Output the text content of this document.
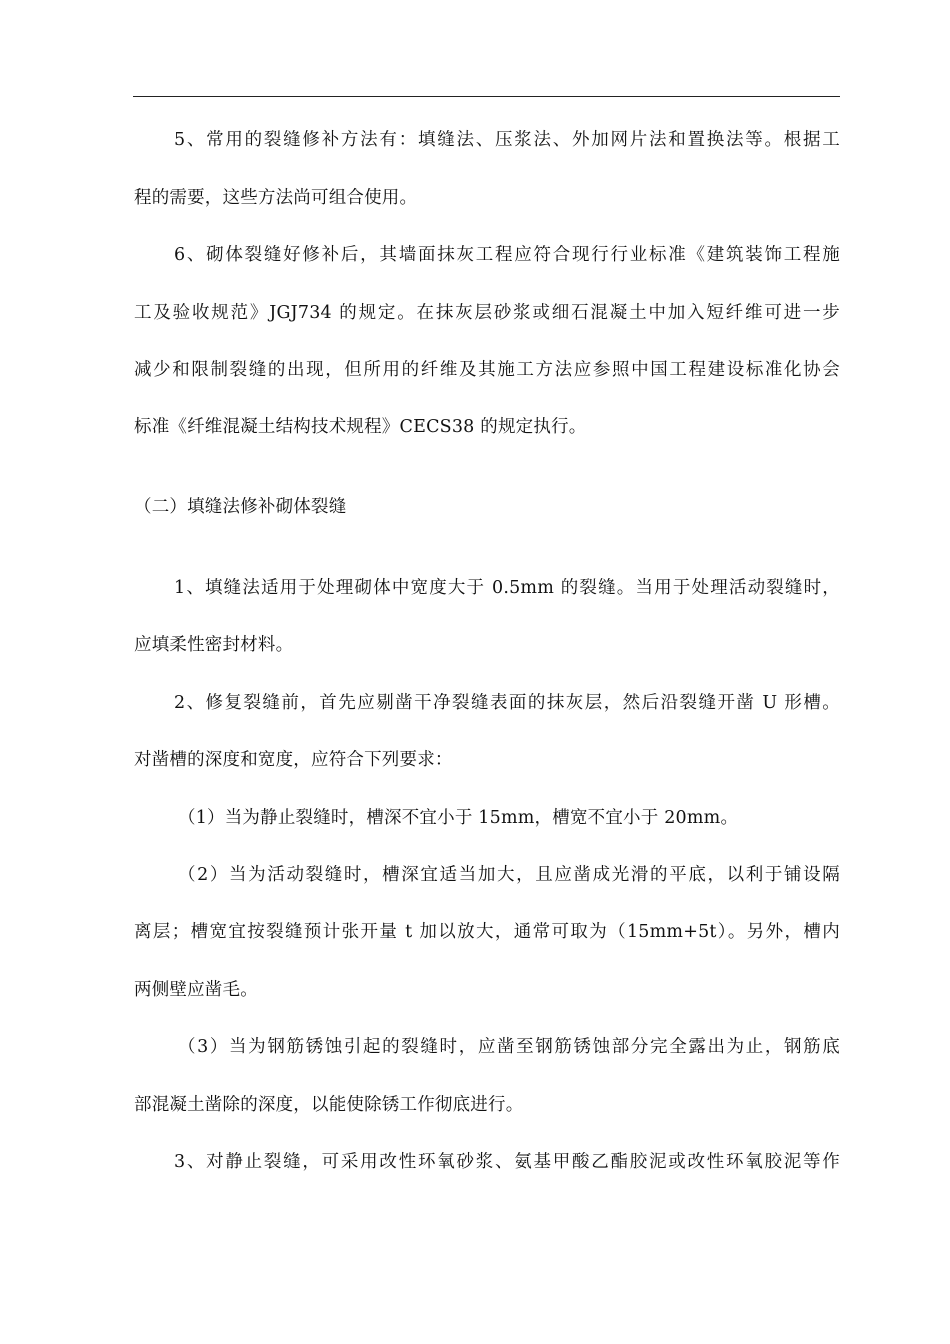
5、常用的裂缝修补方法有：填缝法、压浆法、外加网片法和置换法等。根据工
程的需要，这些方法尚可组合使用。
6、砌体裂缝好修补后，其墙面抹灰工程应符合现行行业标准《建筑装饰工程施
工及验收规范》JGJ734 的规定。在抹灰层砂浆或细石混凝土中加入短纤维可进一步
减少和限制裂缝的出现，但所用的纤维及其施工方法应参照中国工程建设标准化协会
标准《纤维混凝土结构技术规程》CECS38 的规定执行。
（二）填缝法修补砌体裂缝
1、填缝法适用于处理砌体中宽度大于 0.5mm 的裂缝。当用于处理活动裂缝时，
应填柔性密封材料。
2、修复裂缝前，首先应剔凿干净裂缝表面的抹灰层，然后沿裂缝开凿 U 形槽。
对凿槽的深度和宽度，应符合下列要求：
（1）当为静止裂缝时，槽深不宜小于 15mm，槽宽不宜小于 20mm。
（2）当为活动裂缝时，槽深宜适当加大，且应凿成光滑的平底，以利于铺设隔
离层；槽宽宜按裂缝预计张开量 t 加以放大，通常可取为（15mm+5t）。另外，槽内
两侧壁应凿毛。
（3）当为钢筋锈蚀引起的裂缝时，应凿至钢筋锈蚀部分完全露出为止，钢筋底
部混凝土凿除的深度，以能使除锈工作彻底进行。
3、对静止裂缝，可采用改性环氧砂浆、氨基甲酸乙酯胶泥或改性环氧胶泥等作
